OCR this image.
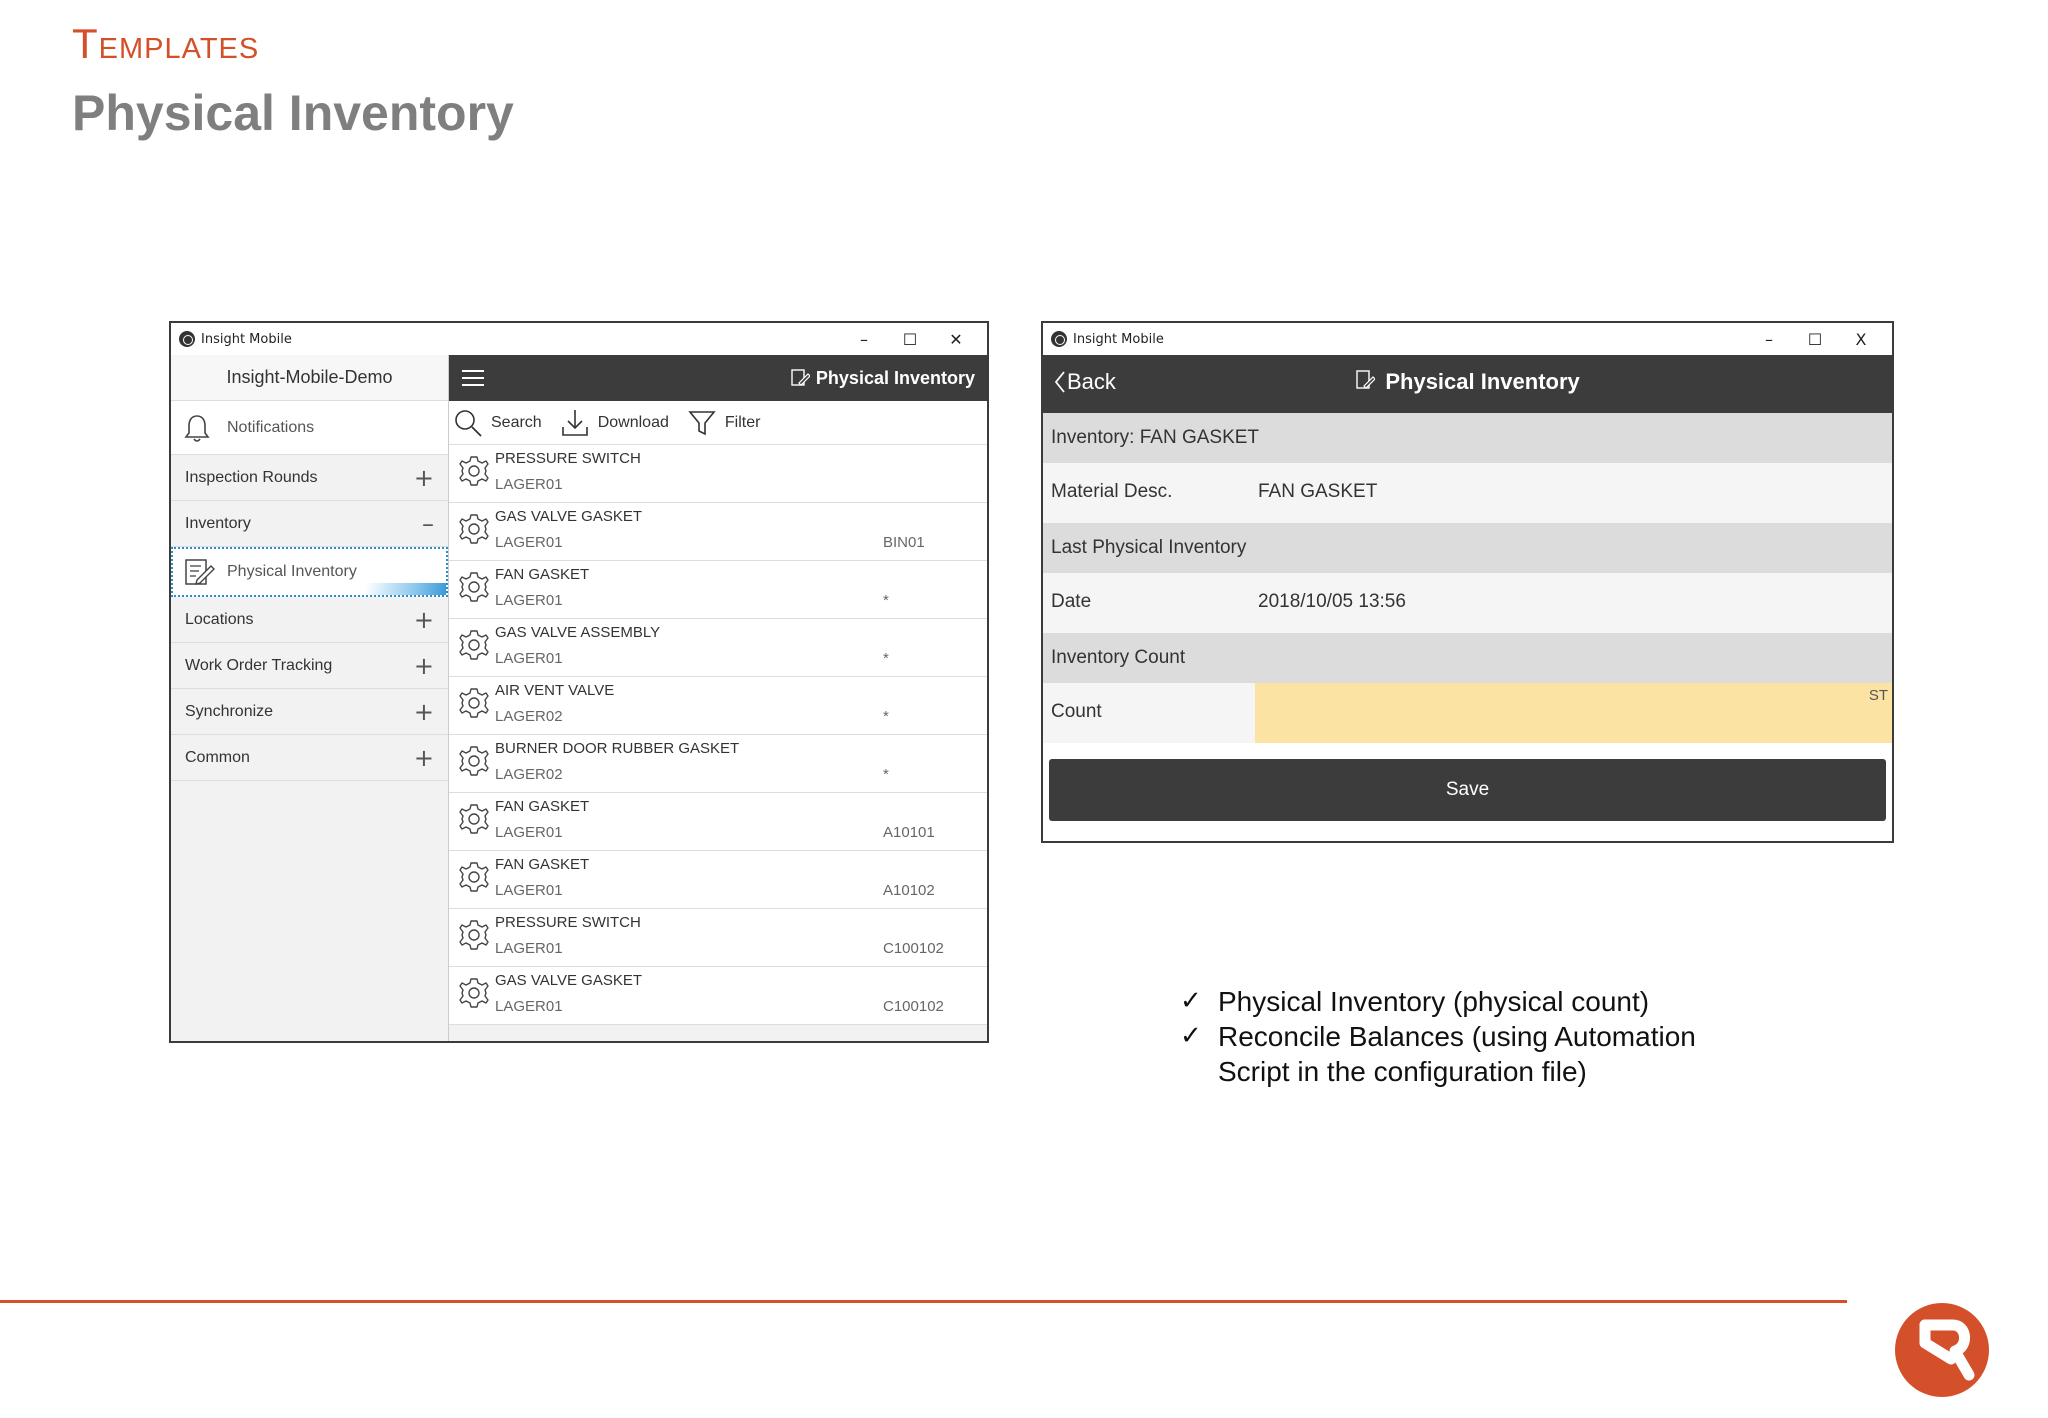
Templates
Physical Inventory
Insight Mobile	–	☐	✕
Insight-Mobile-Demo
Notifications
Inspection Rounds	+
Inventory	–
Physical Inventory
Locations	+
Work Order Tracking	+
Synchronize	+
Common	+
Physical Inventory
Search	Download	Filter
PRESSURE SWITCH
LAGER01
GAS VALVE GASKET
LAGER01	BIN01
FAN GASKET
LAGER01	*
GAS VALVE ASSEMBLY
LAGER01	*
AIR VENT VALVE
LAGER02	*
BURNER DOOR RUBBER GASKET
LAGER02	*
FAN GASKET
LAGER01	A10101
FAN GASKET
LAGER01	A10102
PRESSURE SWITCH
LAGER01	C100102
GAS VALVE GASKET
LAGER01	C100102
Insight Mobile	–	☐	X
Back	Physical Inventory
Inventory: FAN GASKET
Material Desc.	FAN GASKET
Last Physical Inventory
Date	2018/10/05 13:56
Inventory Count
Count
ST
Save
✓ Physical Inventory (physical count)
✓ Reconcile Balances (using Automation
Script in the configuration file)
